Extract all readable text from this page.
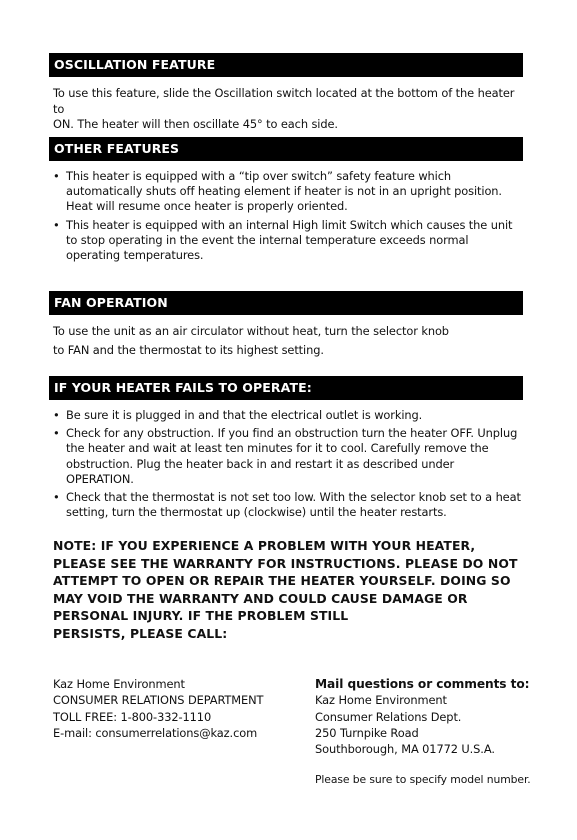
OSCILLATION FEATURE

To use this feature, slide the Oscillation switch located at the bottom of the heater to

ON. The heater will then oscillate 45° to each side.

OTHER FEATURES
• This heater is equipped with a “tip over switch” safety feature which automatically shuts off heating element if heater is not in an upright position. Heat will resume once heater is properly oriented.
• This heater is equipped with an internal High limit Switch which causes the unit to stop operating in the event the internal temperature exceeds normal operating temperatures.
FAN OPERATION

To use the unit as an air circulator without heat, turn the selector knob

to FAN and the thermostat to its highest setting.

IF YOUR HEATER FAILS TO OPERATE:
• Be sure it is plugged in and that the electrical outlet is working.
• Check for any obstruction. If you find an obstruction turn the heater OFF. Unplug the heater and wait at least ten minutes for it to cool. Carefully remove the obstruction. Plug the heater back in and restart it as described under OPERATION.
• Check that the thermostat is not set too low. With the selector knob set to a heat setting, turn the thermostat up (clockwise) until the heater restarts.
NOTE: IF YOU EXPERIENCE A PROBLEM WITH YOUR HEATER,
PLEASE SEE THE WARRANTY FOR INSTRUCTIONS. PLEASE DO NOT
ATTEMPT TO OPEN OR REPAIR THE HEATER YOURSELF. DOING SO
MAY VOID THE WARRANTY AND COULD CAUSE DAMAGE OR
PERSONAL INJURY. IF THE PROBLEM STILL
PERSISTS, PLEASE CALL:
Kaz Home Environment
CONSUMER RELATIONS DEPARTMENT
TOLL FREE: 1-800-332-1110
E-mail: consumerrelations@kaz.com
Mail questions or comments to:
Kaz Home Environment
Consumer Relations Dept.
250 Turnpike Road
Southborough, MA 01772 U.S.A.
Please be sure to specify model number.
